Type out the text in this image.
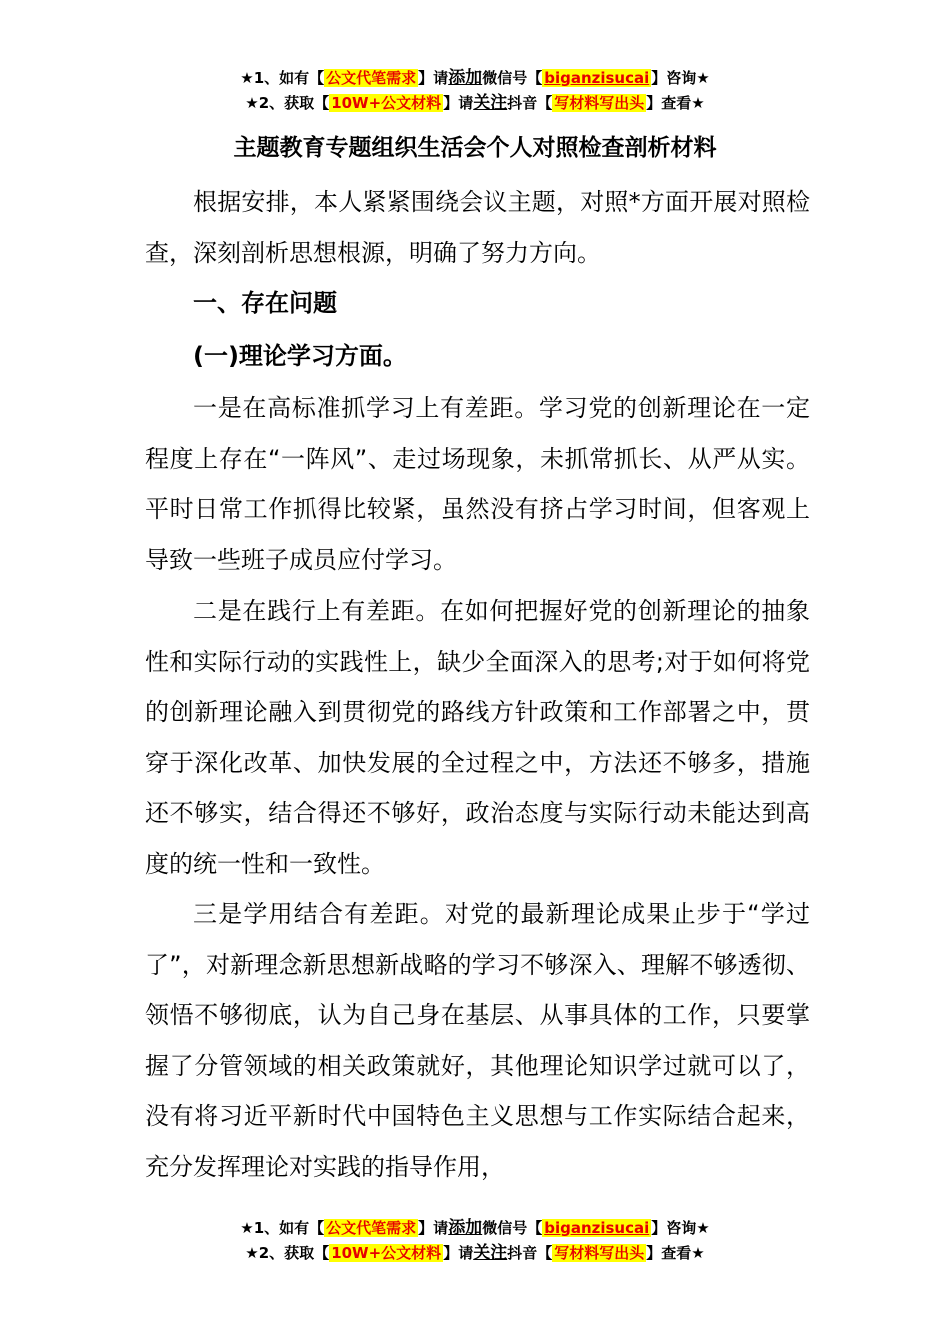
★1、如有【 公文代笔需求 】请添加微信号【 biganzisucai 】咨询★
★2、获取【 10W+公文材料 】请关注抖音【 写材料写出头 】查看★
主题教育专题组织生活会个人对照检查剖析材料

根据安排，本人紧紧围绕会议主题，对照*方面开展对照检查，深刻剖析思想根源，明确了努力方向。

一、存在问题

(一)理论学习方面。

一是在高标准抓学习上有差距。学习党的创新理论在一定程度上存在“一阵风”、走过场现象，未抓常抓长、从严从实。平时日常工作抓得比较紧，虽然没有挤占学习时间，但客观上导致一些班子成员应付学习。

二是在践行上有差距。在如何把握好党的创新理论的抽象性和实际行动的实践性上，缺少全面深入的思考;对于如何将党的创新理论融入到贯彻党的路线方针政策和工作部署之中，贯穿于深化改革、加快发展的全过程之中，方法还不够多，措施还不够实，结合得还不够好，政治态度与实际行动未能达到高度的统一性和一致性。

三是学用结合有差距。对党的最新理论成果止步于“学过了”，对新理念新思想新战略的学习不够深入、理解不够透彻、领悟不够彻底，认为自己身在基层、从事具体的工作，只要掌握了分管领域的相关政策就好，其他理论知识学过就可以了，没有将习近平新时代中国特色主义思想与工作实际结合起来，充分发挥理论对实践的指导作用，

★1、如有【 公文代笔需求 】请添加微信号【 biganzisucai 】咨询★
★2、获取【 10W+公文材料 】请关注抖音【 写材料写出头 】查看★
